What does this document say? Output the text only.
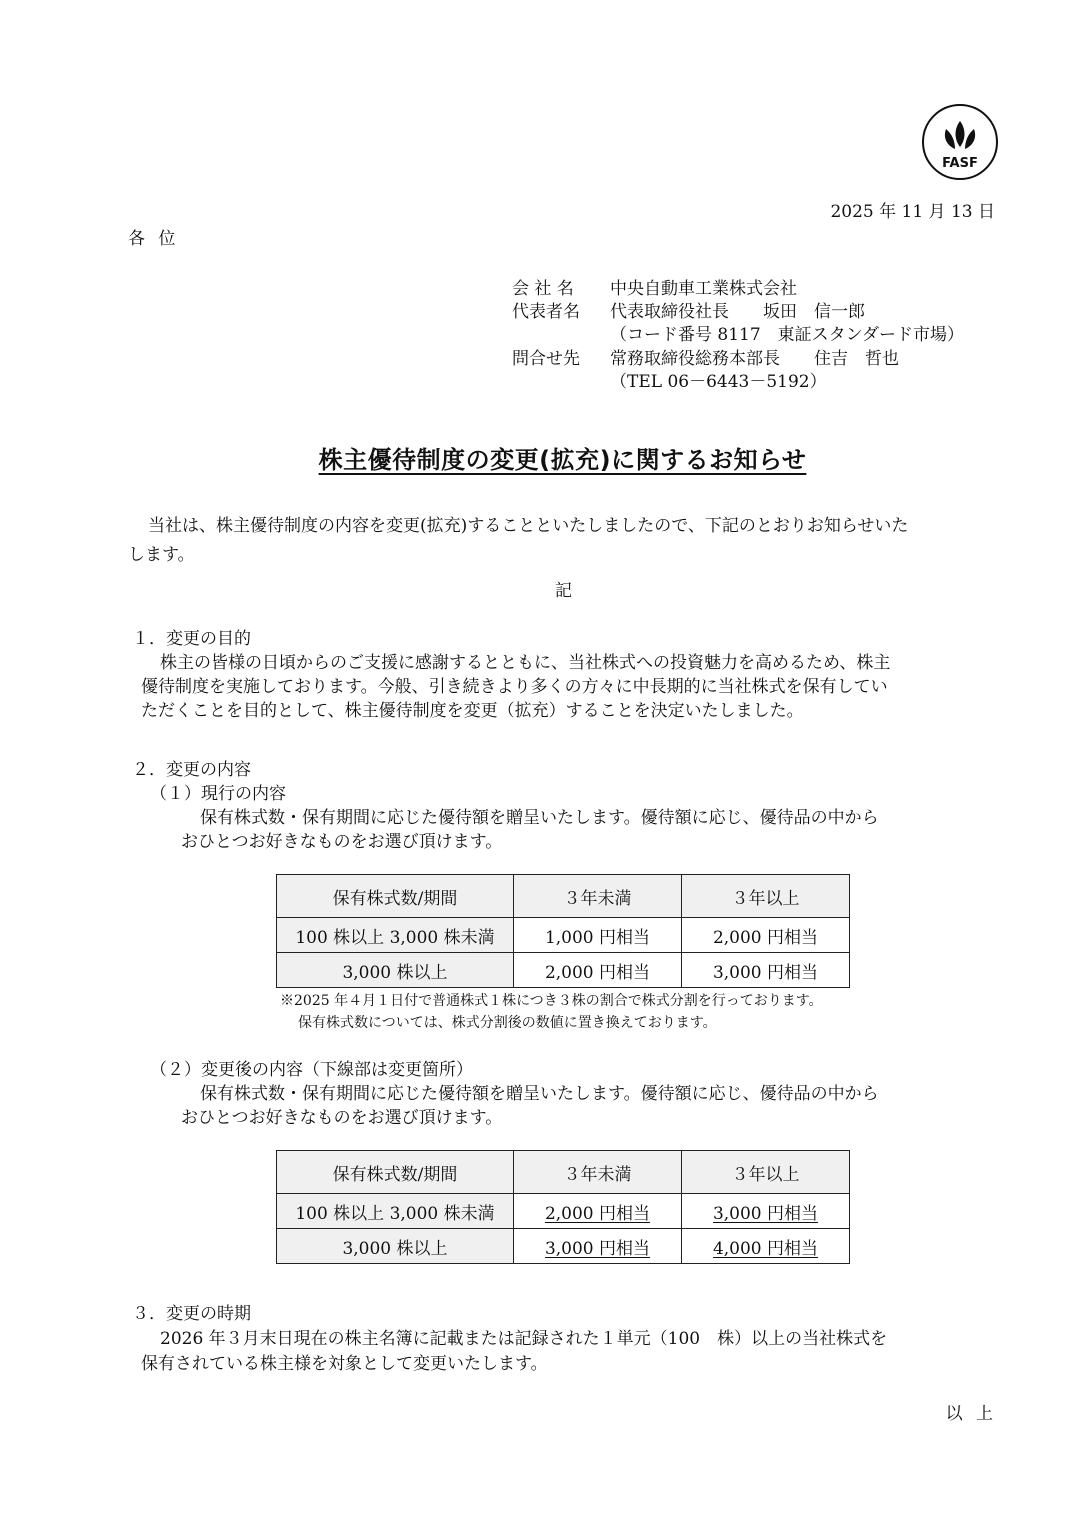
FASF
2025 年 11 月 13 日
各 位
会 社 名 中央自動車工業株式会社
代表者名 代表取締役社長　　坂田　信一郎
（コード番号 8117　東証スタンダード市場）
問合せ先 常務取締役総務本部長　　住吉　哲也
（TEL 06－6443－5192）
株主優待制度の変更(拡充)に関するお知らせ
当社は、株主優待制度の内容を変更(拡充)することといたしましたので、下記のとおりお知らせいた
します。
記
１．変更の目的
株主の皆様の日頃からのご支援に感謝するとともに、当社株式への投資魅力を高めるため、株主
優待制度を実施しております。今般、引き続きより多くの方々に中長期的に当社株式を保有してい
ただくことを目的として、株主優待制度を変更（拡充）することを決定いたしました。
２．変更の内容
（１）現行の内容
保有株式数・保有期間に応じた優待額を贈呈いたします。優待額に応じ、優待品の中から
おひとつお好きなものをお選び頂けます。
保有株式数/期間	３年未満	３年以上
100 株以上 3,000 株未満	1,000 円相当	2,000 円相当
3,000 株以上	2,000 円相当	3,000 円相当
※2025 年４月１日付で普通株式１株につき３株の割合で株式分割を行っております。
保有株式数については、株式分割後の数値に置き換えております。
（２）変更後の内容（下線部は変更箇所）
保有株式数・保有期間に応じた優待額を贈呈いたします。優待額に応じ、優待品の中から
おひとつお好きなものをお選び頂けます。
保有株式数/期間	３年未満	３年以上
100 株以上 3,000 株未満	2,000 円相当	3,000 円相当
3,000 株以上	3,000 円相当	4,000 円相当
３．変更の時期
2026 年３月末日現在の株主名簿に記載または記録された１単元（100　株）以上の当社株式を
保有されている株主様を対象として変更いたします。
以 上
